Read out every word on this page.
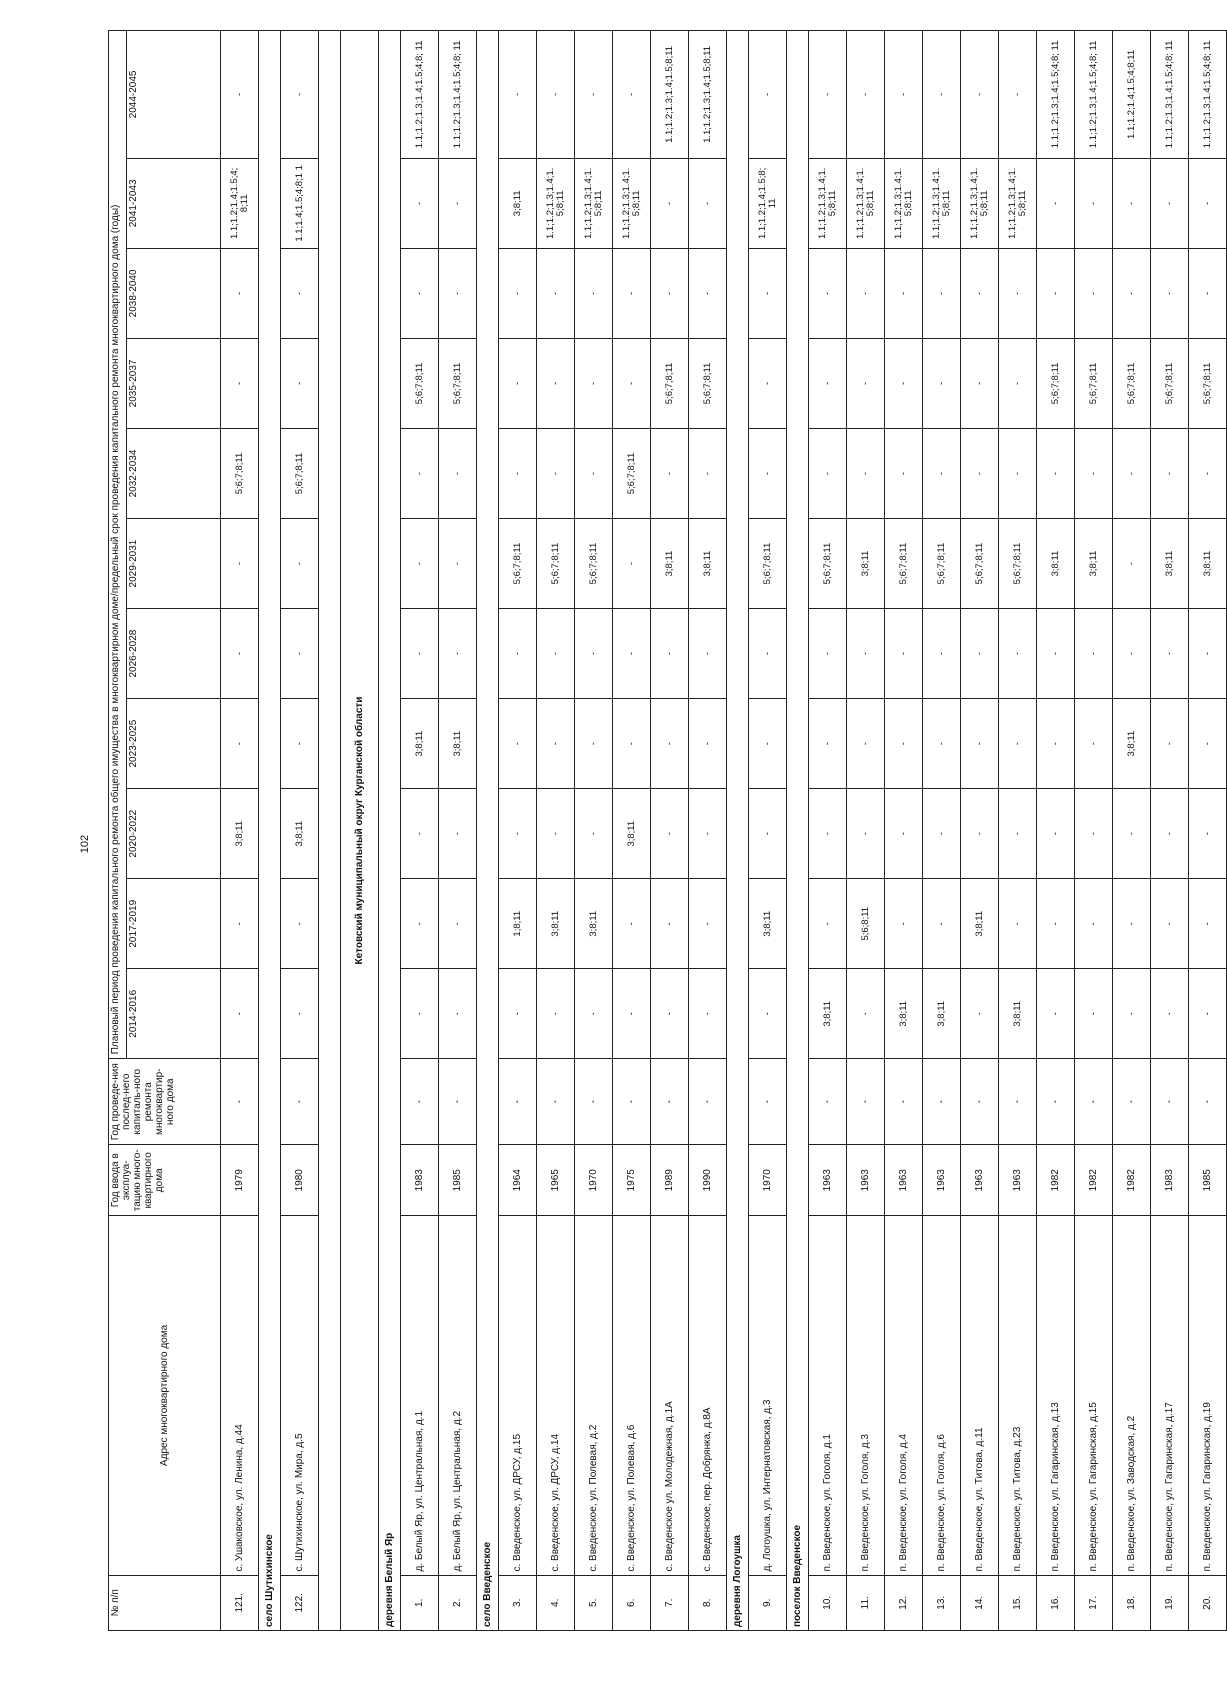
102
№ п/п	Адрес многоквартирного дома	Год ввода в эксплуа-тацию много-квартирного дома	Год проведе-ния послед-него капиталь-ного ремонта многоквартир-ного дома	Плановый период проведения капитального ремонта общего имущества в многоквартирном доме/предельный срок проведения капитального ремонта многоквартирного дома (годы)										
				2014-2016	2017-2019	2020-2022	2023-2025	2026-2028	2029-2031	2032-2034	2035-2037	2038-2040	2041-2043	2044-2045
121.	с. Ушаковское, ул. Ленина, д.44	1979	-	-	-	3;8;11	-	-	-	5;6;7;8;11	-	-	1.1;1.2;1.4;1.5;4; 8;11	-
село Шутихинское														
122.	с. Шутихинское, ул. Мира, д.5	1980	-	-	-	3;8;11	-	-	-	5;6;7;8;11	-	-	1.1;1.4;1.5;4;8;1 1	-

Кетовский муниципальный округ Курганской области														
деревня Белый Яр														
1.	д. Белый Яр, ул. Центральная, д.1	1983	-	-	-	-	3;8;11	-	-	-	5;6;7;8;11	-	-	1.1;1.2;1.3;1.4;1.5;4;8; 11
2.	д. Белый Яр, ул. Центральная, д.2	1985	-	-	-	-	3;8;11	-	-	-	5;6;7;8;11	-	-	1.1;1.2;1.3;1.4;1.5;4;8; 11
село Введенское														
3.	с. Введенское, ул. ДРСУ, д.15	1964	-	-	1;8;11	-	-	-	5;6;7;8;11	-	-	-	3;8;11	-
4.	с. Введенское, ул. ДРСУ, д.14	1965	-	-	3;8;11	-	-	-	5;6;7;8;11	-	-	-	1.1;1.2;1.3;1.4;1. 5;8;11	-
5.	с. Введенское, ул. Полевая, д.2	1970	-	-	3;8;11	-	-	-	5;6;7;8;11	-	-	-	1.1;1.2;1.3;1.4;1. 5;8;11	-
6.	с. Введенское, ул. Полевая, д.6	1975	-	-	-	3;8;11	-	-	-	5;6;7;8;11	-	-	1.1;1.2;1.3;1.4;1. 5;8;11	-
7.	с. Введенское ул. Молодежная, д.1А	1989	-	-	-	-	-	-	3;8;11	-	5;6;7;8;11	-	-	1.1;1.2;1.3;1.4;1.5;8;11
8.	с. Введенское, пер. Добрянка, д.8А	1990	-	-	-	-	-	-	3;8;11	-	5;6;7;8;11	-	-	1.1;1.2;1.3;1.4;1.5;8;11
деревня Логоушка														
9.	д. Логоушка, ул. Интернатовская, д.3	1970	-	-	3;8;11	-	-	-	5;6;7;8;11	-	-	-	1.1;1.2;1.4;1.5;8; 11	-
поселок Введенское														
10.	п. Введенское, ул. Гоголя, д.1	1963	-	3;8;11	-	-	-	-	5;6;7;8;11	-	-	-	1.1;1.2;1.3;1.4;1. 5;8;11	-
11.	п. Введенское, ул. Гоголя, д.3	1963	-	-	5;6;8;11	-	-	-	3;8;11	-	-	-	1.1;1.2;1.3;1.4;1. 5;8;11	-
12.	п. Введенское, ул. Гоголя, д.4	1963	-	3;8;11	-	-	-	-	5;6;7;8;11	-	-	-	1.1;1.2;1.3;1.4;1. 5;8;11	-
13.	п. Введенское, ул. Гоголя, д.6	1963	-	3;8;11	-	-	-	-	5;6;7;8;11	-	-	-	1.1;1.2;1.3;1.4;1. 5;8;11	-
14.	п. Введенское, ул. Титова, д.11	1963	-	-	3;8;11	-	-	-	5;6;7;8;11	-	-	-	1.1;1.2;1.3;1.4;1. 5;8;11	-
15.	п. Введенское, ул. Титова, д.23	1963	-	3;8;11	-	-	-	-	5;6;7;8;11	-	-	-	1.1;1.2;1.3;1.4;1. 5;8;11	-
16.	п. Введенское, ул. Гагаринская, д.13	1982	-	-	-	-	-	-	3;8;11	-	5;6;7;8;11	-	-	1.1;1.2;1.3;1.4;1.5;4;8; 11
17.	п. Введенское, ул. Гагаринская, д.15	1982	-	-	-	-	-	-	3;8;11	-	5;6;7;8;11	-	-	1.1;1.2;1.3;1.4;1.5;4;8; 11
18.	п. Введенское, ул. Заводская, д.2	1982	-	-	-	-	3;8;11	-	-	-	5;6;7;8;11	-	-	1.1;1.2;1.4;1.5;4;8;11
19.	п. Введенское, ул. Гагаринская, д.17	1983	-	-	-	-	-	-	3;8;11	-	5;6;7;8;11	-	-	1.1;1.2;1.3;1.4;1.5;4;8; 11
20.	п. Введенское, ул. Гагаринская, д.19	1985	-	-	-	-	-	-	3;8;11	-	5;6;7;8;11	-	-	1.1;1.2;1.3;1.4;1.5;4;8; 11
